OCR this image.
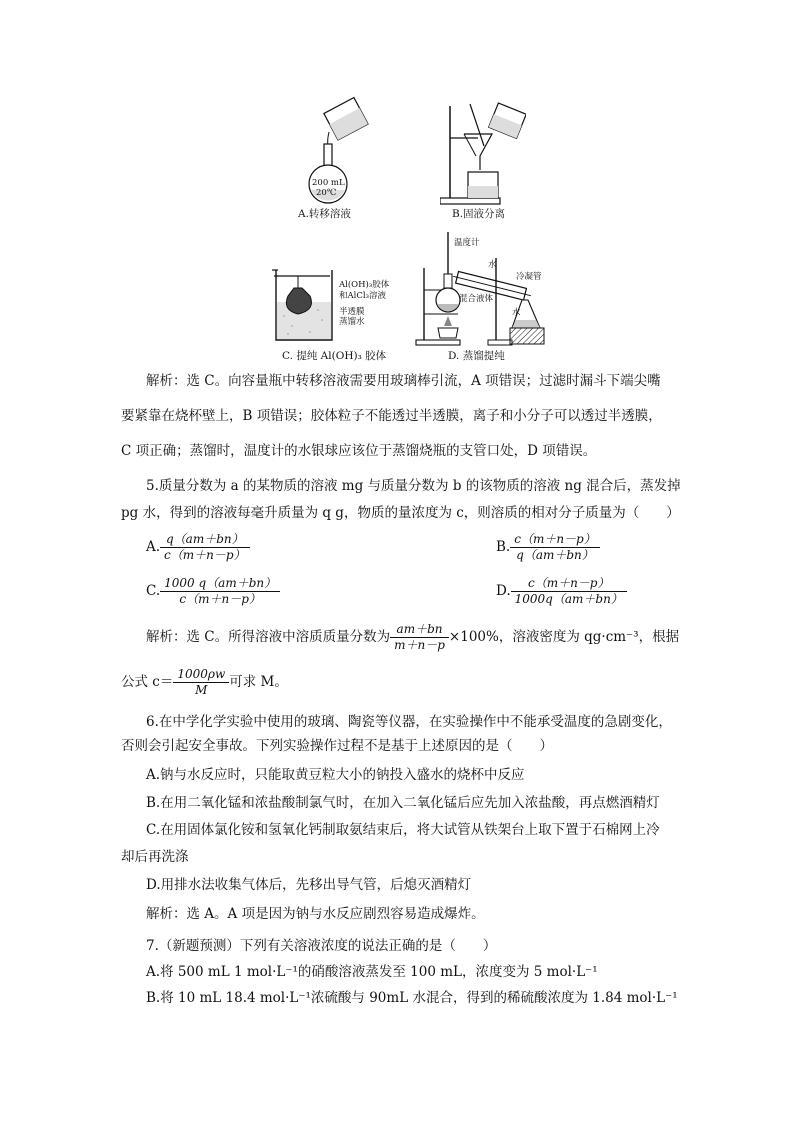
200 mL
20℃
A.转移溶液	B.固液分离
Al(OH)₃胶体
和AlCl₃溶液
半透膜
蒸馏水
C. 提纯 Al(OH)₃ 胶体
温度计
水
冷凝管
混合液体
水
D. 蒸馏提纯
解析：选 C。向容量瓶中转移溶液需要用玻璃棒引流，A 项错误；过滤时漏斗下端尖嘴
要紧靠在烧杯壁上，B 项错误；胶体粒子不能透过半透膜，离子和小分子可以透过半透膜，
C 项正确；蒸馏时，温度计的水银球应该位于蒸馏烧瓶的支管口处，D 项错误。
5.质量分数为 a 的某物质的溶液 mg 与质量分数为 b 的该物质的溶液 ng 混合后，蒸发掉
pg 水，得到的溶液每毫升质量为 q g，物质的量浓度为 c，则溶质的相对分子质量为（　　）
A. $\frac{q(am+bn)}{c(m+n-p)}$	B. $\frac{c(m+n-p)}{q(am+bn)}$
C. $\frac{1000 q(am+bn)}{c(m+n-p)}$	D. $\frac{c(m+n-p)}{1000q(am+bn)}$
解析：选 C。所得溶液中溶质质量分数为 $\frac{am+bn}{m+n-p} \times 100\%$，溶液密度为 qg·cm⁻³，根据
公式 $c= \frac{1000\rho w}{M}$ 可求 M。
6.在中学化学实验中使用的玻璃、陶瓷等仪器，在实验操作中不能承受温度的急剧变化，
否则会引起安全事故。下列实验操作过程不是基于上述原因的是（　　）
A.钠与水反应时，只能取黄豆粒大小的钠投入盛水的烧杯中反应
B.在用二氧化锰和浓盐酸制氯气时，在加入二氧化锰后应先加入浓盐酸，再点燃酒精灯
C.在用固体氯化铵和氢氧化钙制取氨结束后，将大试管从铁架台上取下置于石棉网上冷
却后再洗涤
D.用排水法收集气体后，先移出导气管，后熄灭酒精灯
解析：选 A。A 项是因为钠与水反应剧烈容易造成爆炸。
7.（新题预测）下列有关溶液浓度的说法正确的是（　　）
A.将 500 mL 1 mol·L⁻¹的硝酸溶液蒸发至 100 mL，浓度变为 5 mol·L⁻¹
B.将 10 mL 18.4 mol·L⁻¹浓硫酸与 90mL 水混合，得到的稀硫酸浓度为 1.84 mol·L⁻¹
